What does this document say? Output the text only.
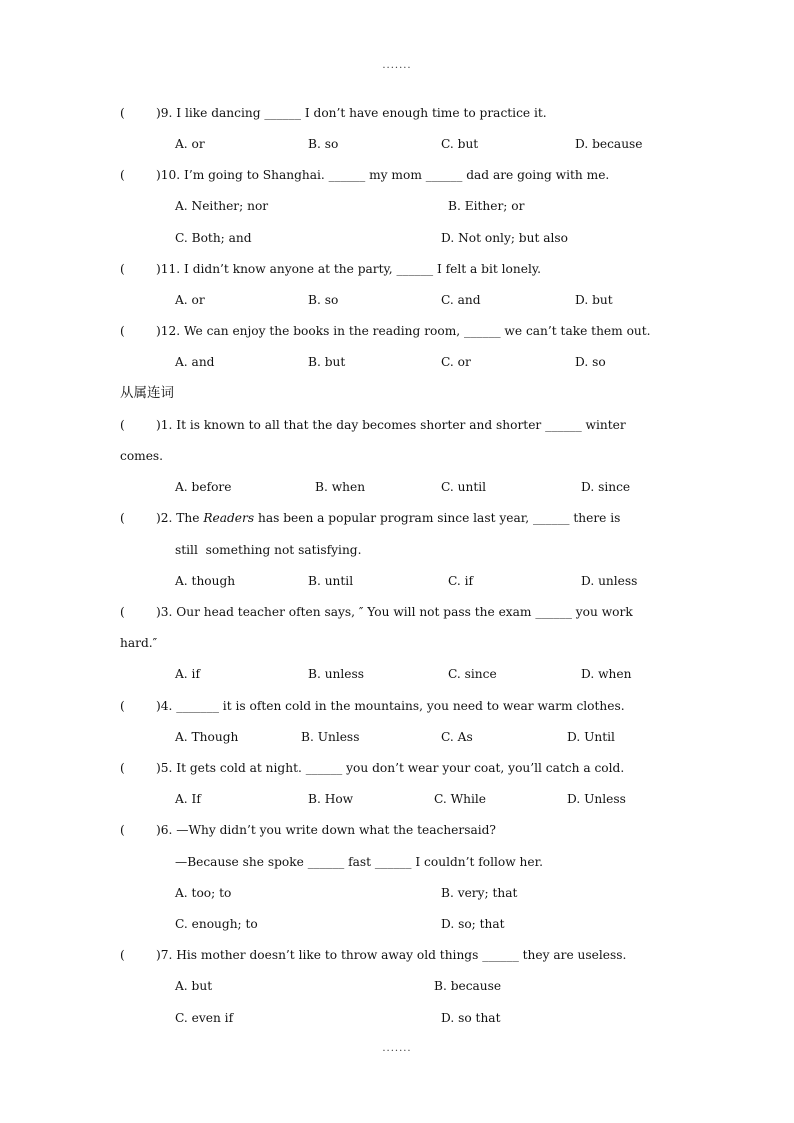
.......
(	)9. I like dancing ______ I don’t have enough time to practice it.
A. or	B. so	C. but	D. because
(	)10. I’m going to Shanghai. ______ my mom ______ dad are going with me.
A. Neither; nor	B. Either; or
C. Both; and	D. Not only; but also
(	)11. I didn’t know anyone at the party, ______ I felt a bit lonely.
A. or	B. so	C. and	D. but
(	)12. We can enjoy the books in the reading room, ______ we can’t take them out.
A. and	B. but	C. or	D. so
从属连词
(	)1. It is known to all that the day becomes shorter and shorter ______ winter
comes.
A. before	B. when	C. until	D. since
(	)2. The Readers has been a popular program since last year, ______ there is
still  something not satisfying.
A. though	B. until	C. if	D. unless
(	)3. Our head teacher often says, ″ You will not pass the exam ______ you work
hard.″
A. if	B. unless	C. since	D. when
(	)4. _______ it is often cold in the mountains, you need to wear warm clothes.
A. Though	B. Unless	C. As	D. Until
(	)5. It gets cold at night. ______ you don’t wear your coat, you’ll catch a cold.
A. If	B. How	C. While	D. Unless
(	)6. —Why didn’t you write down what the teachersaid?
—Because she spoke ______ fast ______ I couldn’t follow her.
A. too; to	B. very; that
C. enough; to	D. so; that
(	)7. His mother doesn’t like to throw away old things ______ they are useless.
A. but	B. because
C. even if	D. so that
.......
